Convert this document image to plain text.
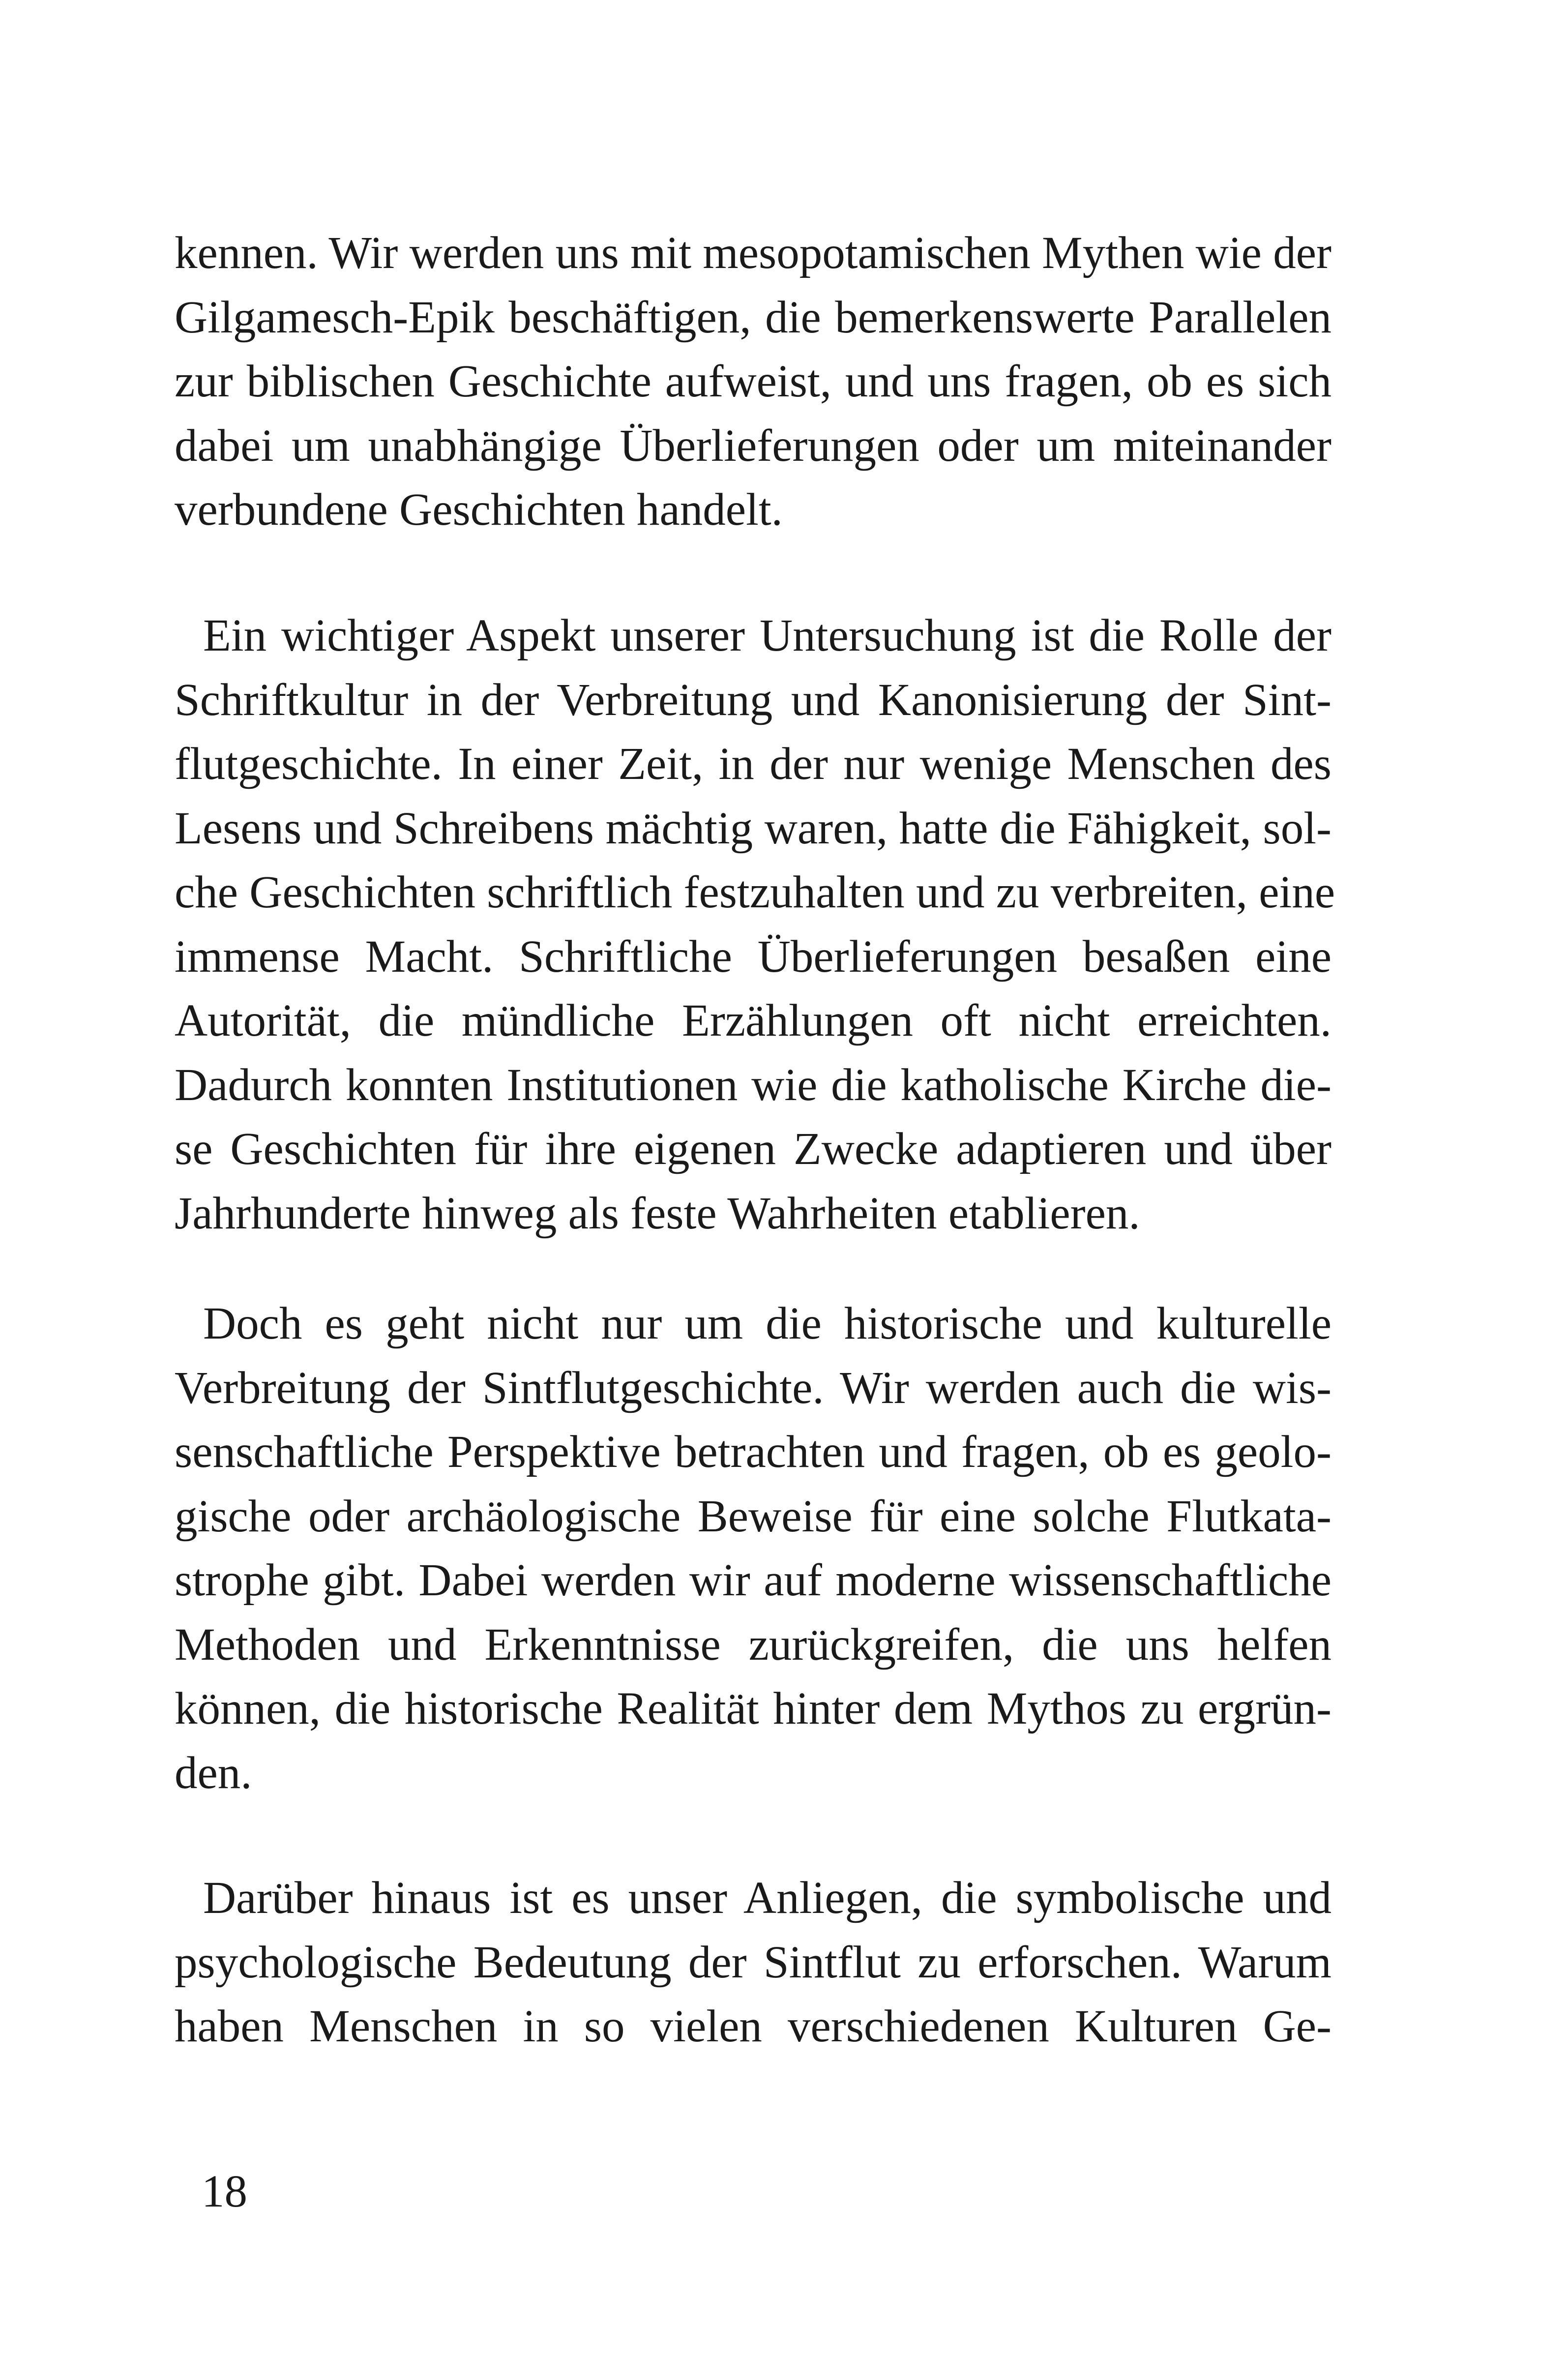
kennen. Wir werden uns mit mesopotamischen Mythen wie der
Gilgamesch-Epik beschäftigen, die bemerkenswerte Parallelen
zur biblischen Geschichte aufweist, und uns fragen, ob es sich
dabei um unabhängige Überlieferungen oder um miteinander
verbundene Geschichten handelt.
Ein wichtiger Aspekt unserer Untersuchung ist die Rolle der
Schriftkultur in der Verbreitung und Kanonisierung der Sint-
flutgeschichte. In einer Zeit, in der nur wenige Menschen des
Lesens und Schreibens mächtig waren, hatte die Fähigkeit, sol-
che Geschichten schriftlich festzuhalten und zu verbreiten, eine
immense Macht. Schriftliche Überlieferungen besaßen eine
Autorität, die mündliche Erzählungen oft nicht erreichten.
Dadurch konnten Institutionen wie die katholische Kirche die-
se Geschichten für ihre eigenen Zwecke adaptieren und über
Jahrhunderte hinweg als feste Wahrheiten etablieren.
Doch es geht nicht nur um die historische und kulturelle
Verbreitung der Sintflutgeschichte. Wir werden auch die wis-
senschaftliche Perspektive betrachten und fragen, ob es geolo-
gische oder archäologische Beweise für eine solche Flutkata-
strophe gibt. Dabei werden wir auf moderne wissenschaftliche
Methoden und Erkenntnisse zurückgreifen, die uns helfen
können, die historische Realität hinter dem Mythos zu ergrün-
den.
Darüber hinaus ist es unser Anliegen, die symbolische und
psychologische Bedeutung der Sintflut zu erforschen. Warum
haben Menschen in so vielen verschiedenen Kulturen Ge-
18
